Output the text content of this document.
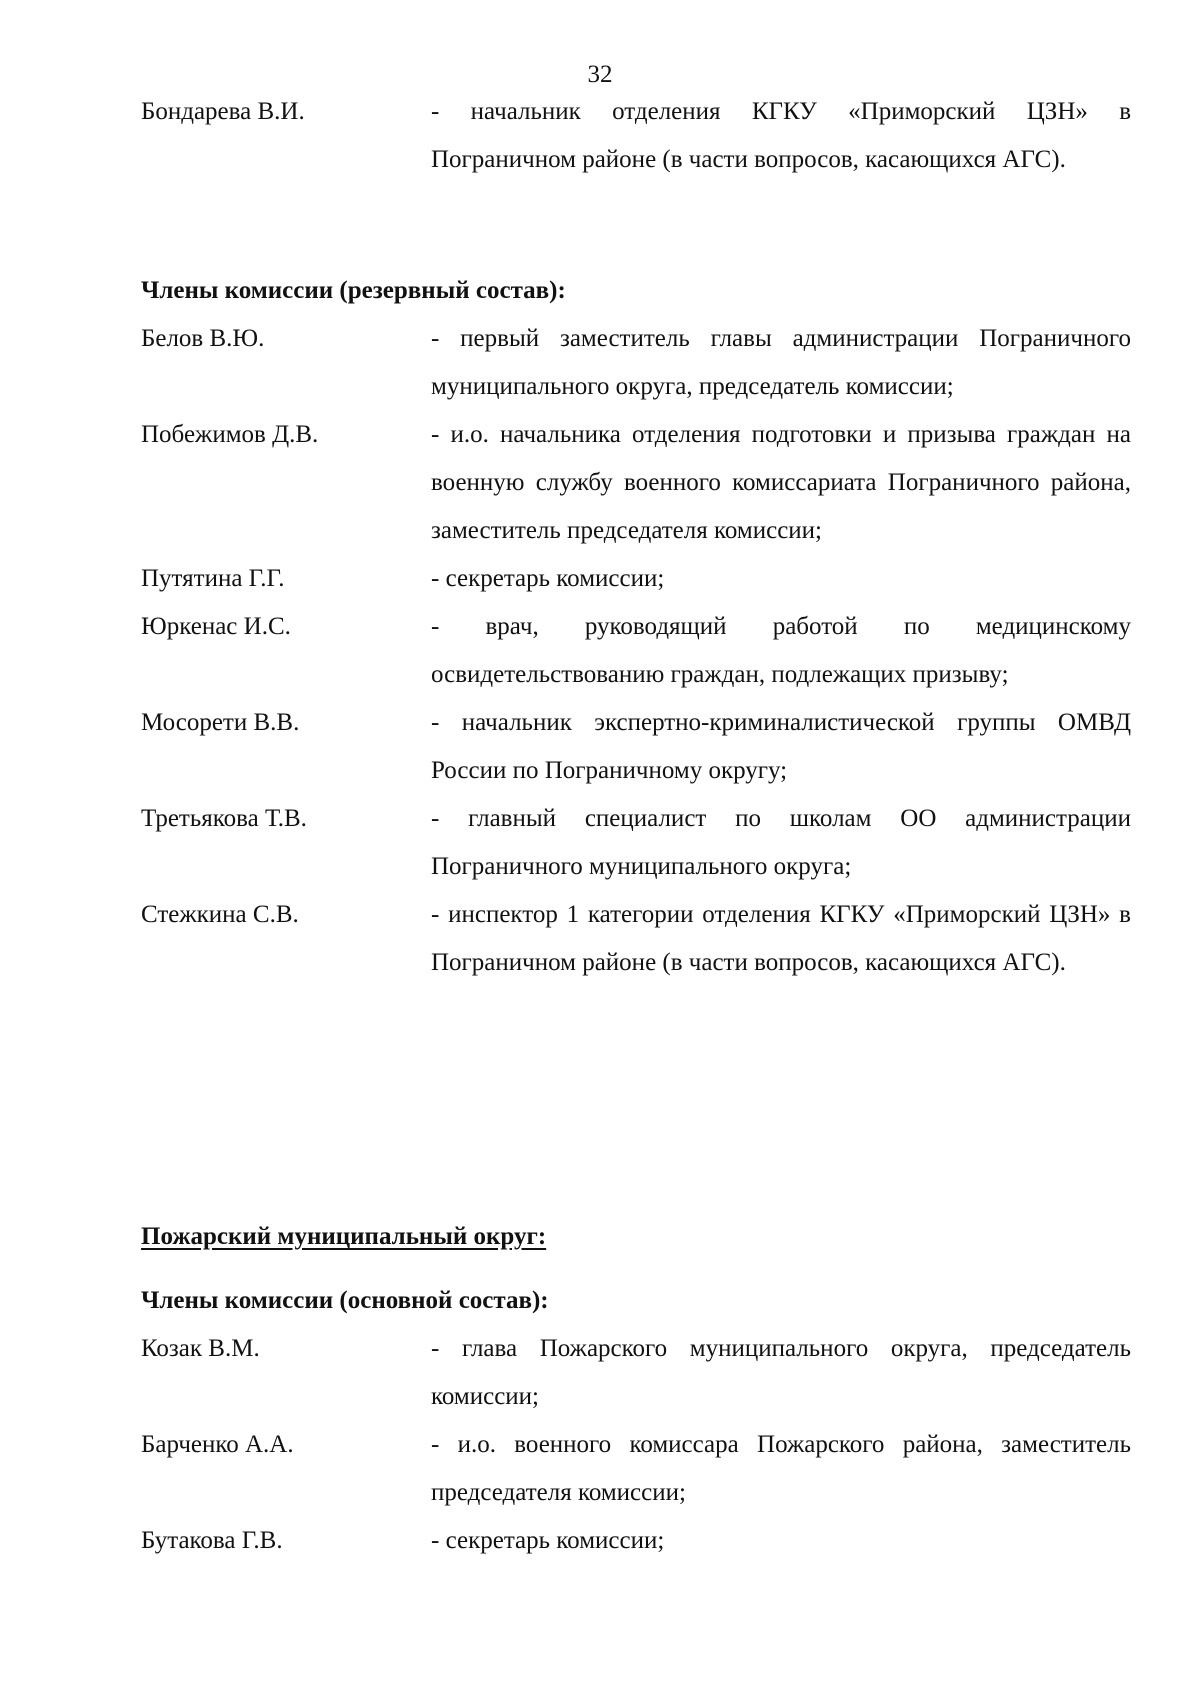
32
Бондарева В.И.	- начальник отделения КГКУ «Приморский ЦЗН» в Пограничном районе (в части вопросов, касающихся АГС).
Члены комиссии (резервный состав):
Белов В.Ю.	- первый заместитель главы администрации Пограничного муниципального округа, председатель комиссии;
Побежимов Д.В.	- и.о. начальника отделения подготовки и призыва граждан на военную службу военного комиссариата Пограничного района, заместитель председателя комиссии;
Путятина Г.Г.	- секретарь комиссии;
Юркенас И.С.	- врач, руководящий работой по медицинскому освидетельствованию граждан, подлежащих призыву;
Мосорети В.В.	- начальник экспертно-криминалистической группы ОМВД России по Пограничному округу;
Третьякова Т.В.	- главный специалист по школам ОО администрации Пограничного муниципального округа;
Стежкина С.В.	- инспектор 1 категории отделения КГКУ «Приморский ЦЗН» в Пограничном районе (в части вопросов, касающихся АГС).
Пожарский муниципальный округ:
Члены комиссии (основной состав):
Козак В.М.	- глава Пожарского муниципального округа, председатель комиссии;
Барченко А.А.	- и.о. военного комиссара Пожарского района, заместитель председателя комиссии;
Бутакова Г.В.	- секретарь комиссии;
